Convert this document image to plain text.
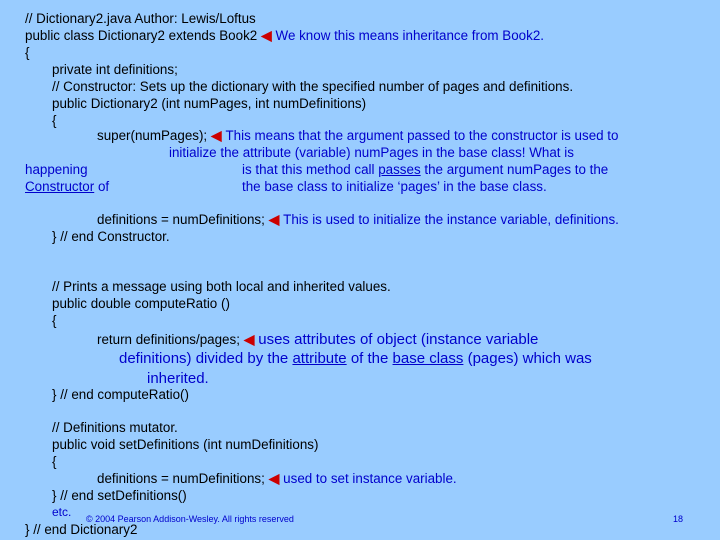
// Dictionary2.java Author: Lewis/Loftus
public class Dictionary2 extends Book2 ◀ We know this means inheritance from Book2.
{
private int definitions;
// Constructor: Sets up the dictionary with the specified number of pages and definitions.
public Dictionary2 (int numPages, int numDefinitions)
{
super(numPages); ◀ This means that the argument passed to the constructor is used to
initialize the attribute (variable) numPages in the base class! What is
happening	is that this method call passes the argument numPages to the
Constructor of	the base class to initialize ‘pages’ in the base class.
definitions = numDefinitions; ◀ This is used to initialize the instance variable, definitions.
} // end Constructor.
// Prints a message using both local and inherited values.
public double computeRatio ()
{
return definitions/pages; ◀ uses attributes of object (instance variable
definitions) divided by the attribute of the base class (pages) which was
inherited.
} // end computeRatio()
// Definitions mutator.
public void setDefinitions (int numDefinitions)
{
definitions = numDefinitions; ◀ used to set instance variable.
} // end setDefinitions()
etc. © 2004 Pearson Addison-Wesley. All rights reserved	18
} // end Dictionary2
